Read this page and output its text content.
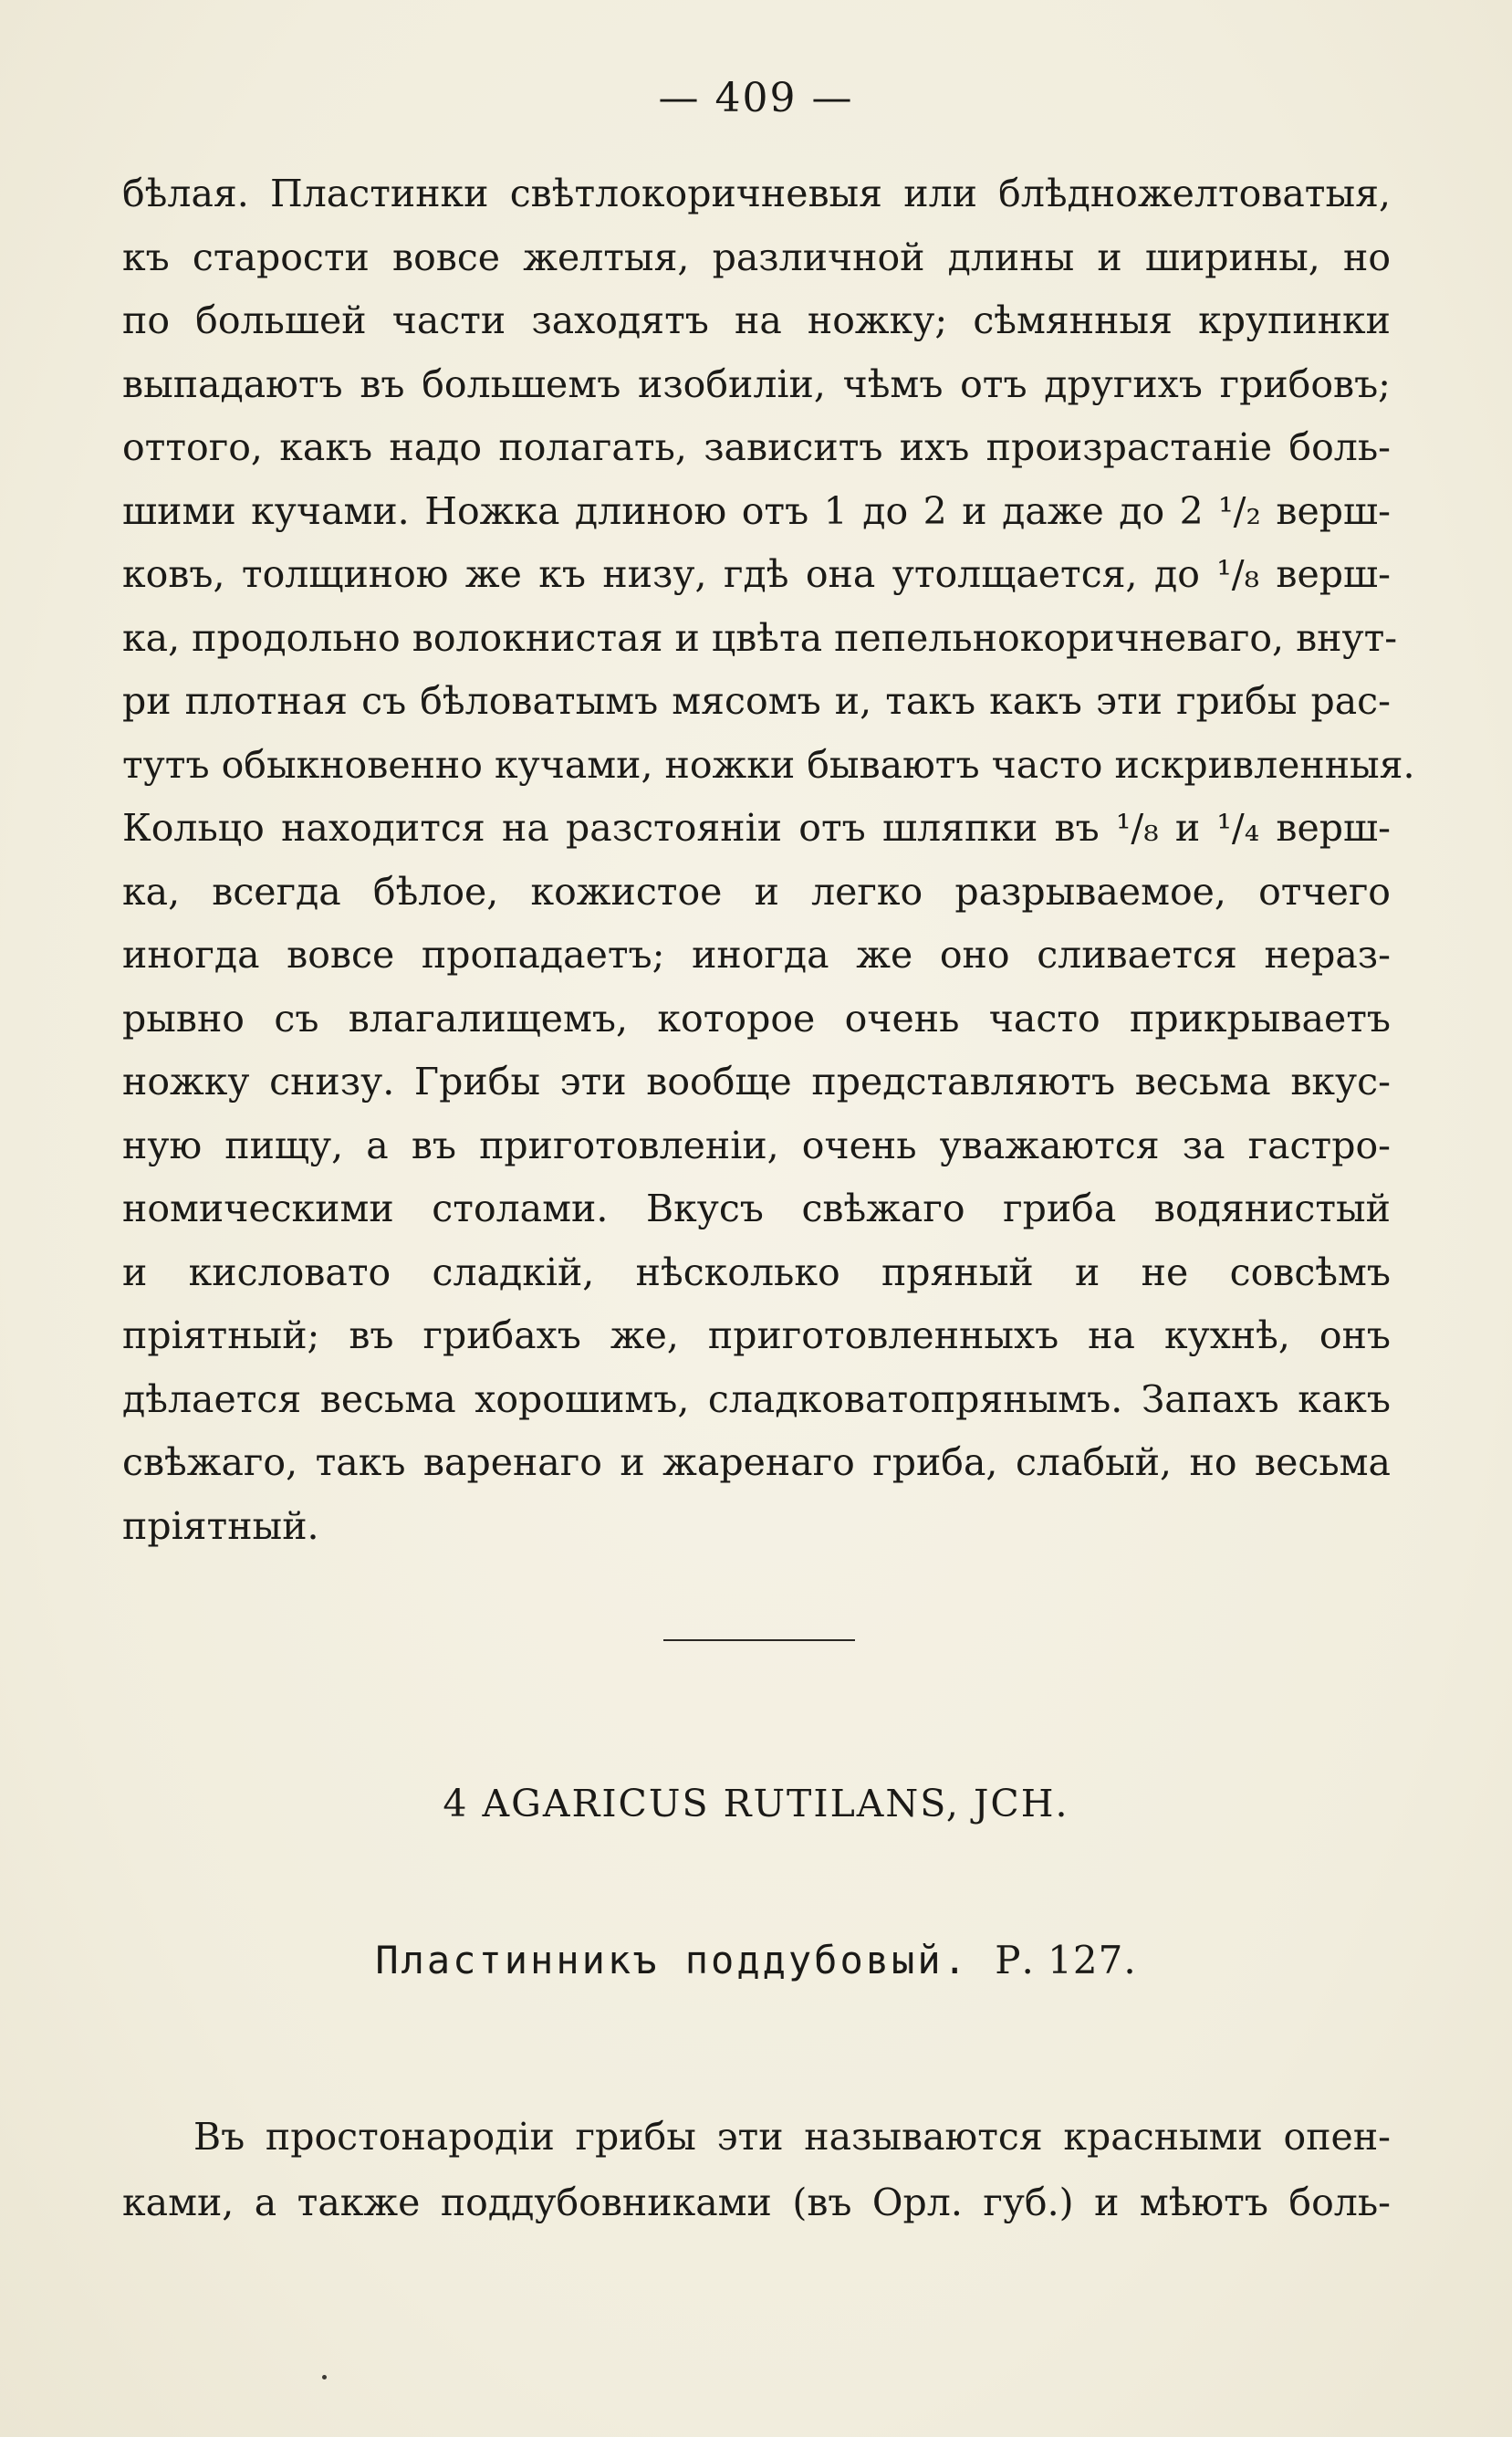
— 409 —
бѣлая. Пластинки свѣтлокоричневыя или блѣдножелтоватыя,
къ старости вовсе желтыя, различной длины и ширины, но
по большей части заходятъ на ножку; сѣмянныя крупинки
выпадаютъ въ большемъ изобиліи, чѣмъ отъ другихъ грибовъ;
оттого, какъ надо полагать, зависитъ ихъ произрастаніе боль-
шими кучами. Ножка длиною отъ 1 до 2 и даже до 2 ¹/₂ верш-
ковъ, толщиною же къ низу, гдѣ она утолщается, до ¹/₈ верш-
ка, продольно волокнистая и цвѣта пепельнокоричневаго, внут-
ри плотная съ бѣловатымъ мясомъ и, такъ какъ эти грибы рас-
тутъ обыкновенно кучами, ножки бываютъ часто искривленныя.
Кольцо находится на разстояніи отъ шляпки въ ¹/₈ и ¹/₄ верш-
ка, всегда бѣлое, кожистое и легко разрываемое, отчего
иногда вовсе пропадаетъ; иногда же оно сливается нераз-
рывно съ влагалищемъ, которое очень часто прикрываетъ
ножку снизу. Грибы эти вообще представляютъ весьма вкус-
ную пищу, а въ приготовленіи, очень уважаются за гастро-
номическими столами. Вкусъ свѣжаго гриба водянистый
и кисловато сладкій, нѣсколько пряный и не совсѣмъ
пріятный; въ грибахъ же, приготовленныхъ на кухнѣ, онъ
дѣлается весьма хорошимъ, сладковатопрянымъ. Запахъ какъ
свѣжаго, такъ варенаго и жаренаго гриба, слабый, но весьма
пріятный.
4 AGARICUS RUTILANS, JCH.
Пластинникъ поддубовый. Р. 127.
Въ простонародіи грибы эти называются красными опен-
ками, а также поддубовниками (въ Орл. губ.) и мѣютъ боль-
